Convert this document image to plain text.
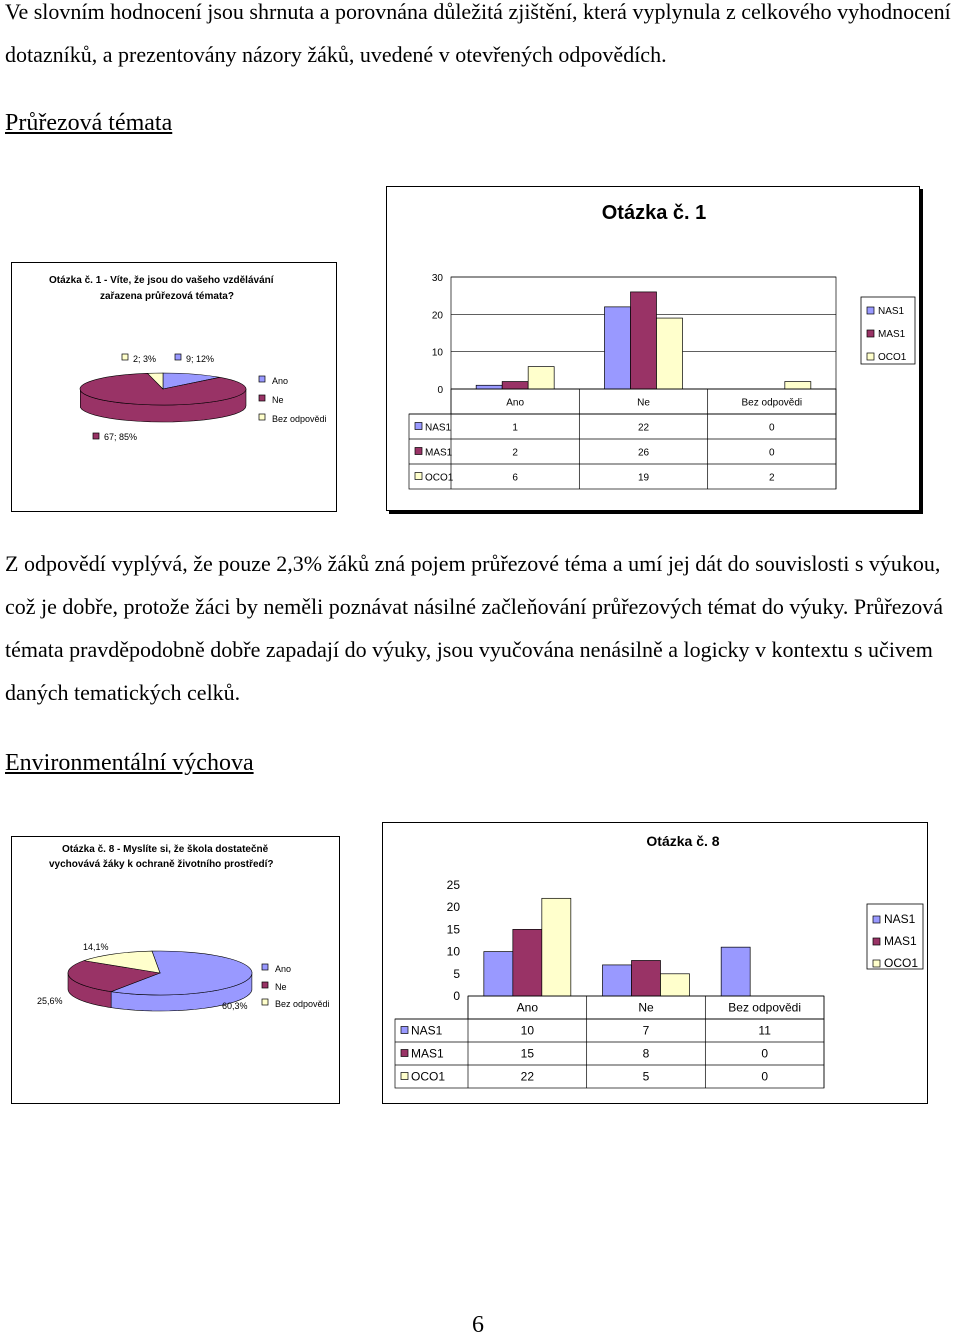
Ve slovním hodnocení jsou shrnuta a porovnána důležitá zjištění, která vyplynula z celkového vyhodnocení dotazníků, a prezentovány názory žáků, uvedené v otevřených odpovědích.

Průřezová témata
Otázka č. 1 - Víte, že jsou do vašeho vzdělávání
zařazena průřezová témata?
2; 3%	9; 12%
67; 85%
Ano
Ne
Bez odpovědi
Otázka č. 1
0
10
20
30
Ano	Ne	Bez odpovědi
NAS1	1	22	0
MAS1	2	26	0
OCO1	6	19	2
NAS1
MAS1
OCO1

Z odpovědí vyplývá, že pouze 2,3% žáků zná pojem průřezové téma a umí jej dát do souvislosti s výukou, což je dobře, protože žáci by neměli poznávat násilné začleňování průřezových témat do výuky. Průřezová témata pravděpodobně dobře zapadají do výuky, jsou vyučována nenásilně a logicky v kontextu s učivem daných tematických celků.

Environmentální výchova
Otázka č. 8 - Myslíte si, že škola dostatečně
vychovává žáky k ochraně životního prostředí?
14,1%
25,6%	60,3%
Ano
Ne
Bez odpovědi
Otázka č. 8
0
5
10
15
20
25
Ano	Ne	Bez odpovědi
NAS1	10	7	11
MAS1	15	8	0
OCO1	22	5	0
NAS1
MAS1
OCO1
6
